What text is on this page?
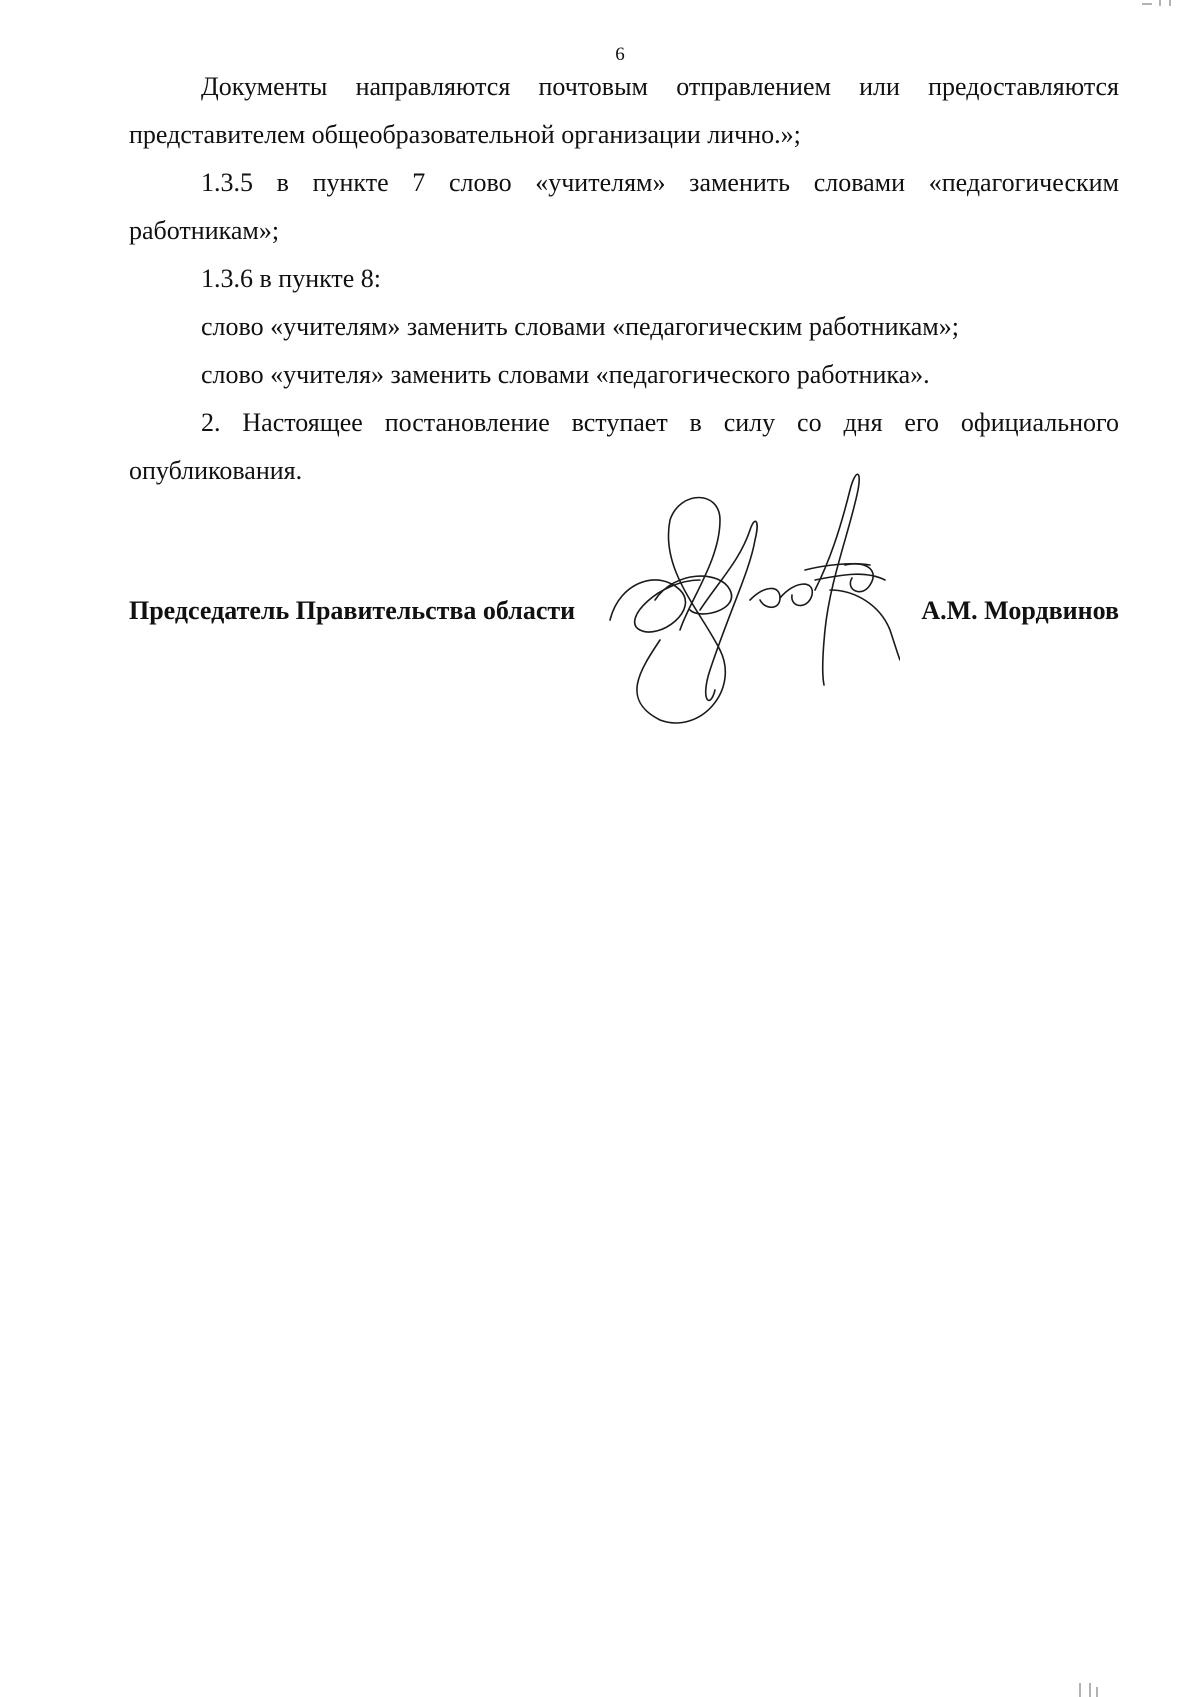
6

Документы направляются почтовым отправлением или предоставляются представителем общеобразовательной организации лично.»;

1.3.5 в пункте 7 слово «учителям» заменить словами «педагогическим работникам»;

1.3.6 в пункте 8:

слово «учителям» заменить словами «педагогическим работникам»;

слово «учителя» заменить словами «педагогического работника».

2. Настоящее постановление вступает в силу со дня его официального опубликования.

Председатель Правительства области	А.М. Мордвинов
